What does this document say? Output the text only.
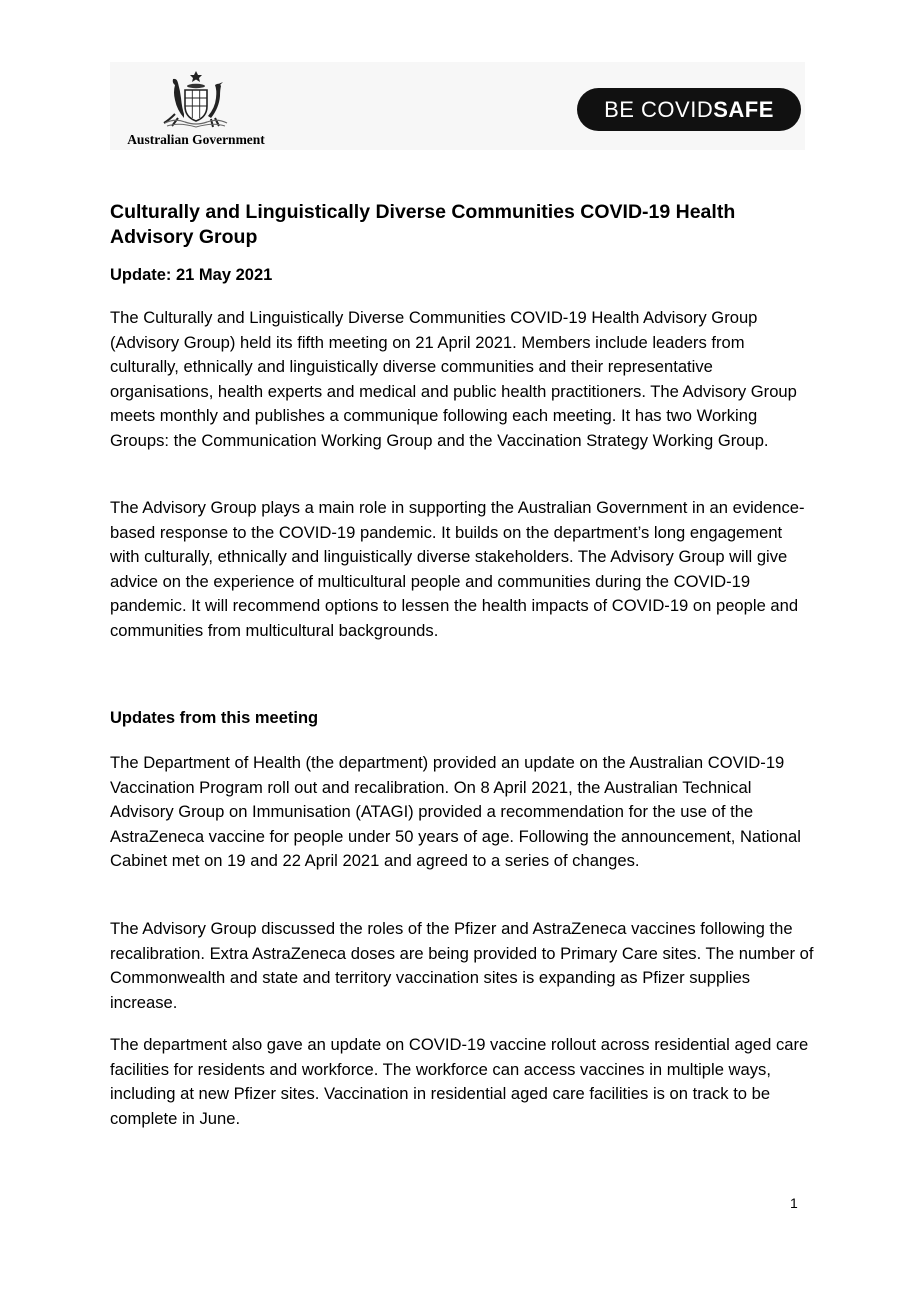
Australian Government
BE COVIDSAFE
Culturally and Linguistically Diverse Communities COVID-19 Health Advisory Group

Update: 21 May 2021

The Culturally and Linguistically Diverse Communities COVID-19 Health Advisory Group (Advisory Group) held its fifth meeting on 21 April 2021. Members include leaders from culturally, ethnically and linguistically diverse communities and their representative organisations, health experts and medical and public health practitioners. The Advisory Group meets monthly and publishes a communique following each meeting. It has two Working Groups: the Communication Working Group and the Vaccination Strategy Working Group.

The Advisory Group plays a main role in supporting the Australian Government in an evidence-based response to the COVID-19 pandemic. It builds on the department’s long engagement with culturally, ethnically and linguistically diverse stakeholders. The Advisory Group will give advice on the experience of multicultural people and communities during the COVID-19 pandemic. It will recommend options to lessen the health impacts of COVID-19 on people and communities from multicultural backgrounds.

Updates from this meeting

The Department of Health (the department) provided an update on the Australian COVID-19 Vaccination Program roll out and recalibration. On 8 April 2021, the Australian Technical Advisory Group on Immunisation (ATAGI) provided a recommendation for the use of the AstraZeneca vaccine for people under 50 years of age. Following the announcement, National Cabinet met on 19 and 22 April 2021 and agreed to a series of changes.

The Advisory Group discussed the roles of the Pfizer and AstraZeneca vaccines following the recalibration. Extra AstraZeneca doses are being provided to Primary Care sites. The number of Commonwealth and state and territory vaccination sites is expanding as Pfizer supplies increase.

The department also gave an update on COVID-19 vaccine rollout across residential aged care facilities for residents and workforce. The workforce can access vaccines in multiple ways, including at new Pfizer sites. Vaccination in residential aged care facilities is on track to be complete in June.

1
